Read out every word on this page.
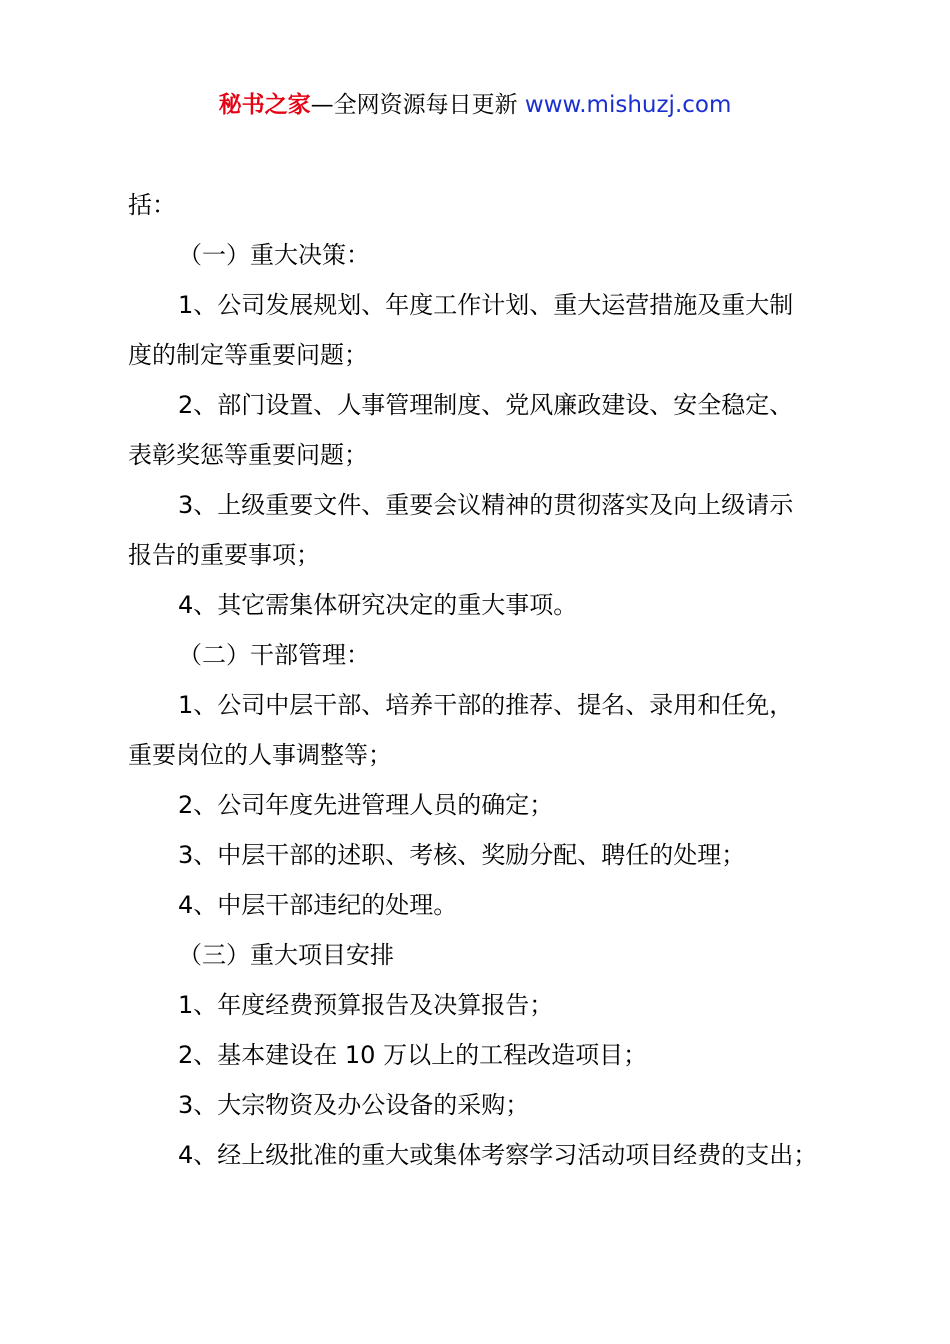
秘书之家—全网资源每日更新 www.mishuzj.com
括：
（一）重大决策：
1、公司发展规划、年度工作计划、重大运营措施及重大制
度的制定等重要问题；
2、部门设置、人事管理制度、党风廉政建设、安全稳定、
表彰奖惩等重要问题；
3、上级重要文件、重要会议精神的贯彻落实及向上级请示
报告的重要事项；
4、其它需集体研究决定的重大事项。
（二）干部管理：
1、公司中层干部、培养干部的推荐、提名、录用和任免，
重要岗位的人事调整等；
2、公司年度先进管理人员的确定；
3、中层干部的述职、考核、奖励分配、聘任的处理；
4、中层干部违纪的处理。
（三）重大项目安排
1、年度经费预算报告及决算报告；
2、基本建设在 10 万以上的工程改造项目；
3、大宗物资及办公设备的采购；
4、经上级批准的重大或集体考察学习活动项目经费的支出；
